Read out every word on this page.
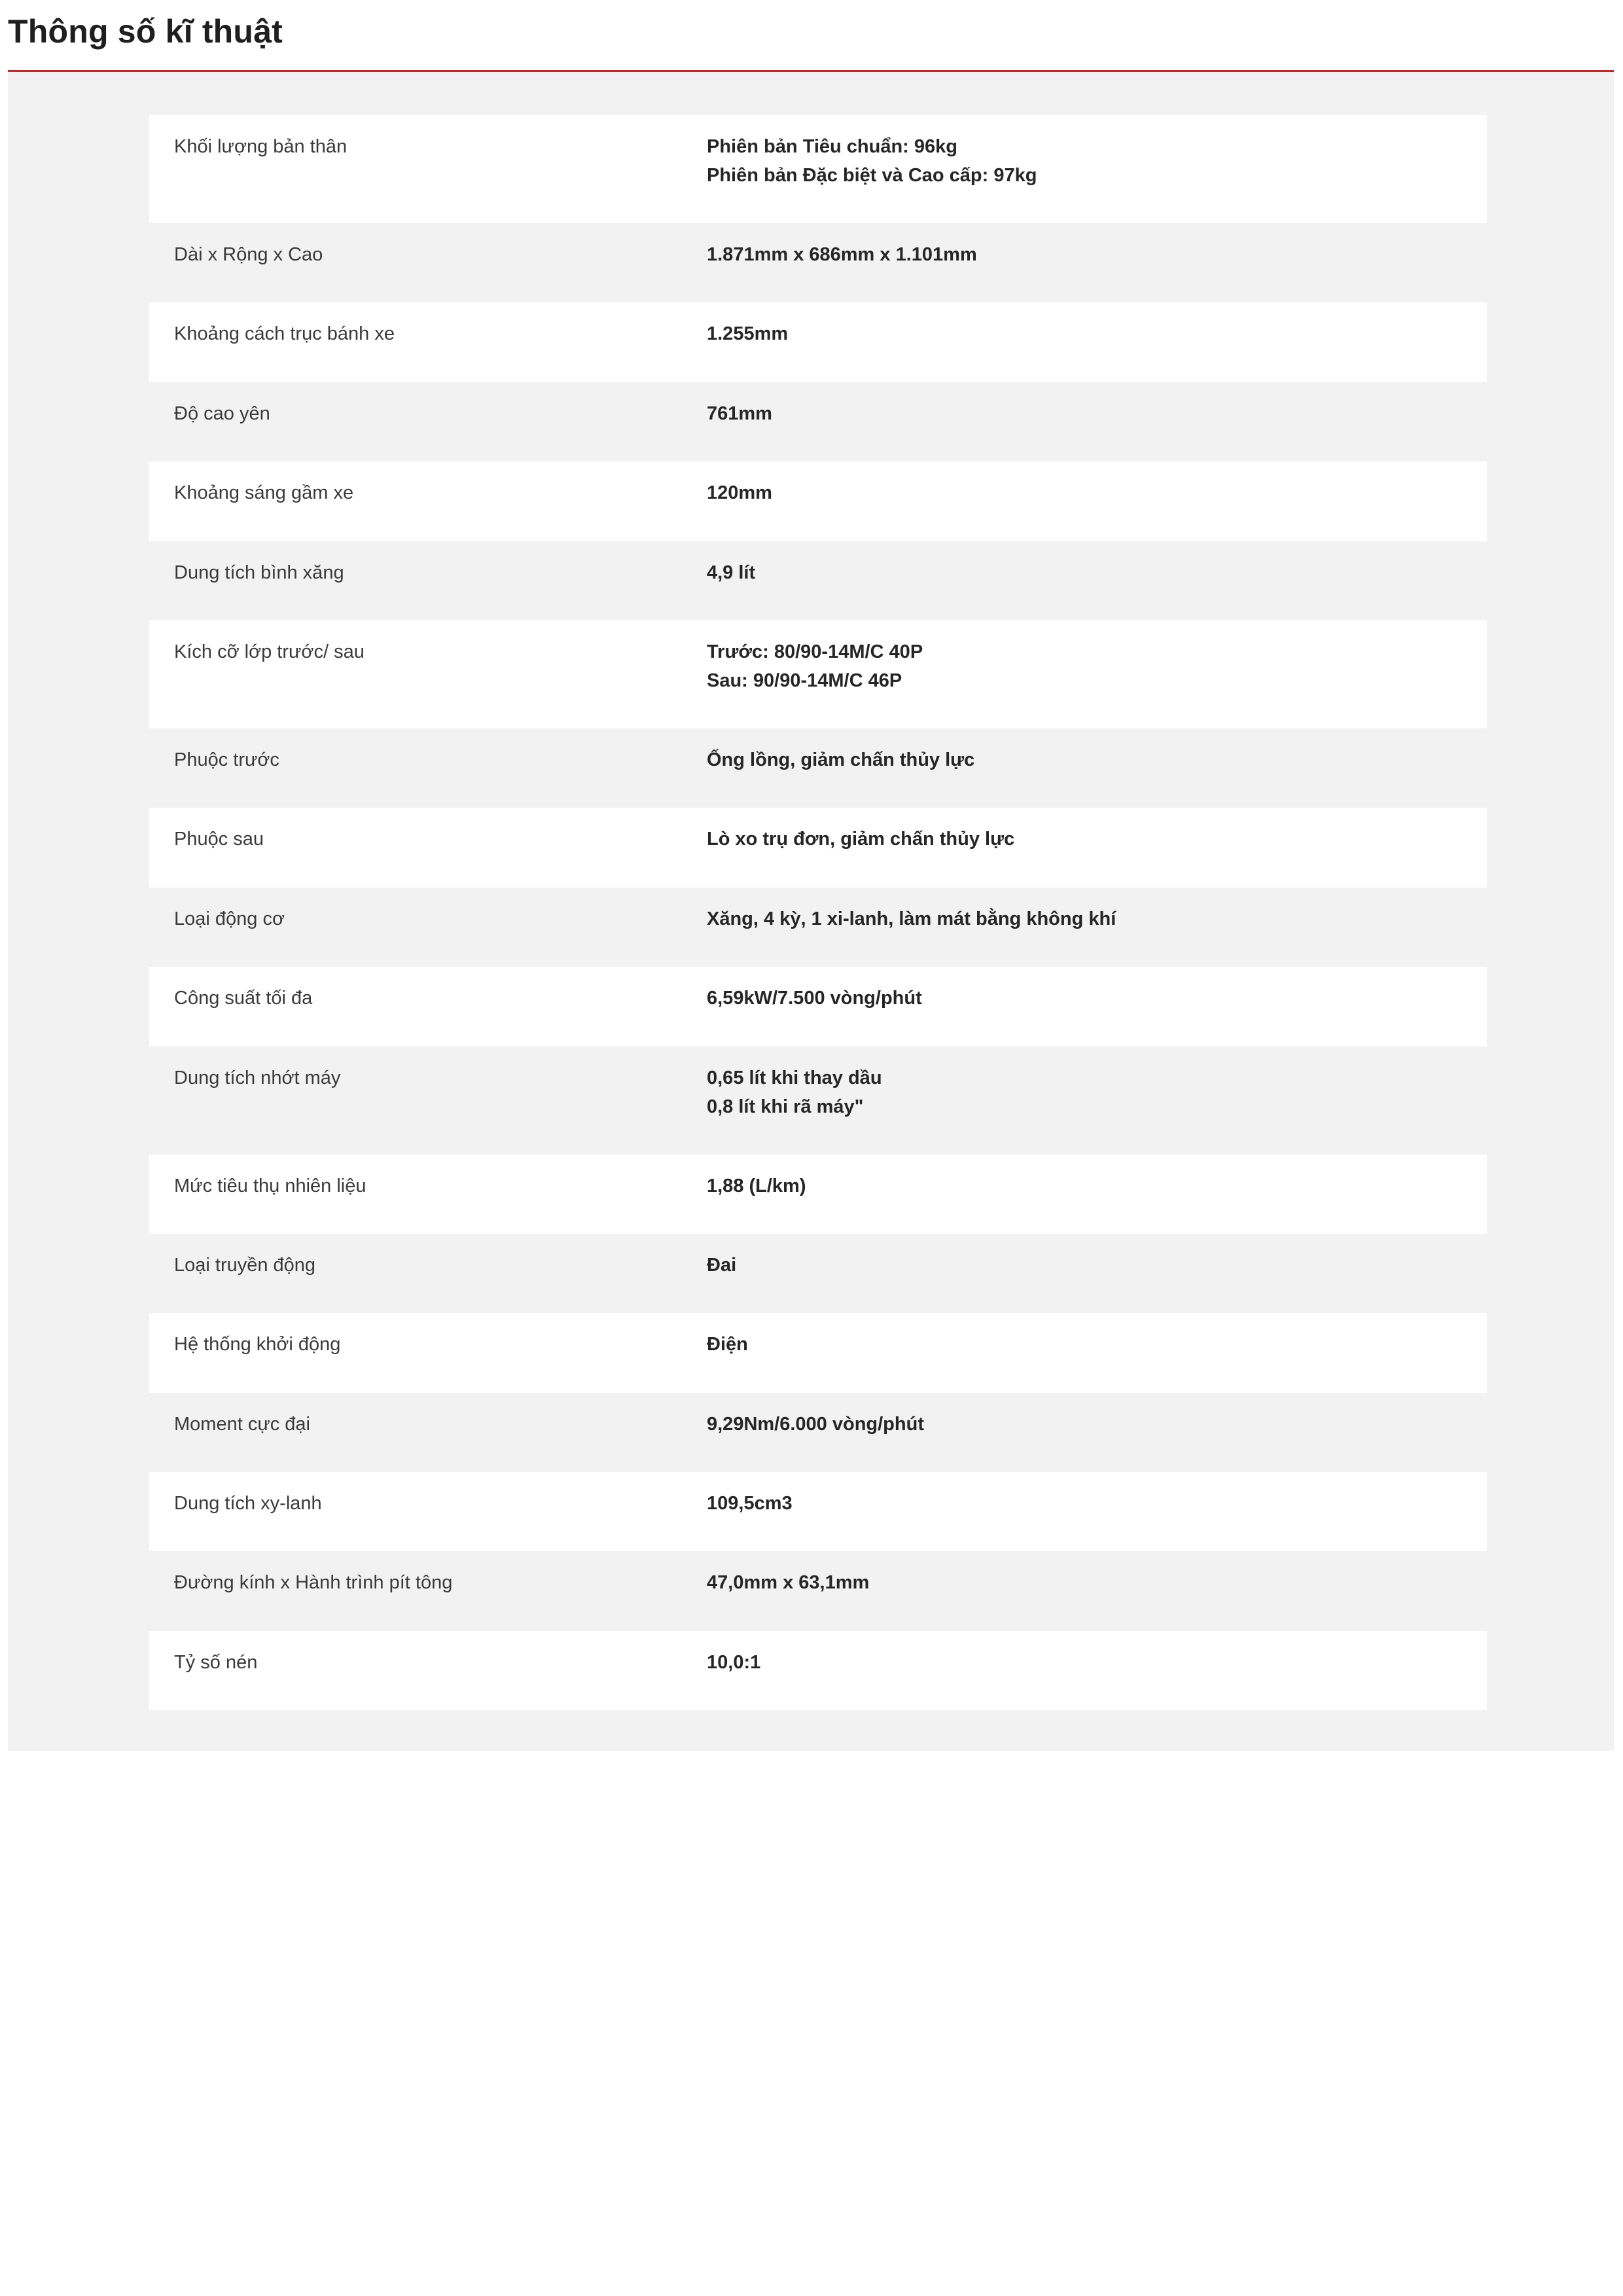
Thông số kĩ thuật
Khối lượng bản thân	Phiên bản Tiêu chuẩn: 96kg
Phiên bản Đặc biệt và Cao cấp: 97kg
Dài x Rộng x Cao	1.871mm x 686mm x 1.101mm
Khoảng cách trục bánh xe	1.255mm
Độ cao yên	761mm
Khoảng sáng gầm xe	120mm
Dung tích bình xăng	4,9 lít
Kích cỡ lớp trước/ sau	Trước: 80/90-14M/C 40P
Sau: 90/90-14M/C 46P
Phuộc trước	Ống lồng, giảm chấn thủy lực
Phuộc sau	Lò xo trụ đơn, giảm chấn thủy lực
Loại động cơ	Xăng, 4 kỳ, 1 xi-lanh, làm mát bằng không khí
Công suất tối đa	6,59kW/7.500 vòng/phút
Dung tích nhớt máy	0,65 lít khi thay dầu
0,8 lít khi rã máy"
Mức tiêu thụ nhiên liệu	1,88 (L/km)
Loại truyền động	Đai
Hệ thống khởi động	Điện
Moment cực đại	9,29Nm/6.000 vòng/phút
Dung tích xy-lanh	109,5cm3
Đường kính x Hành trình pít tông	47,0mm x 63,1mm
Tỷ số nén	10,0:1
